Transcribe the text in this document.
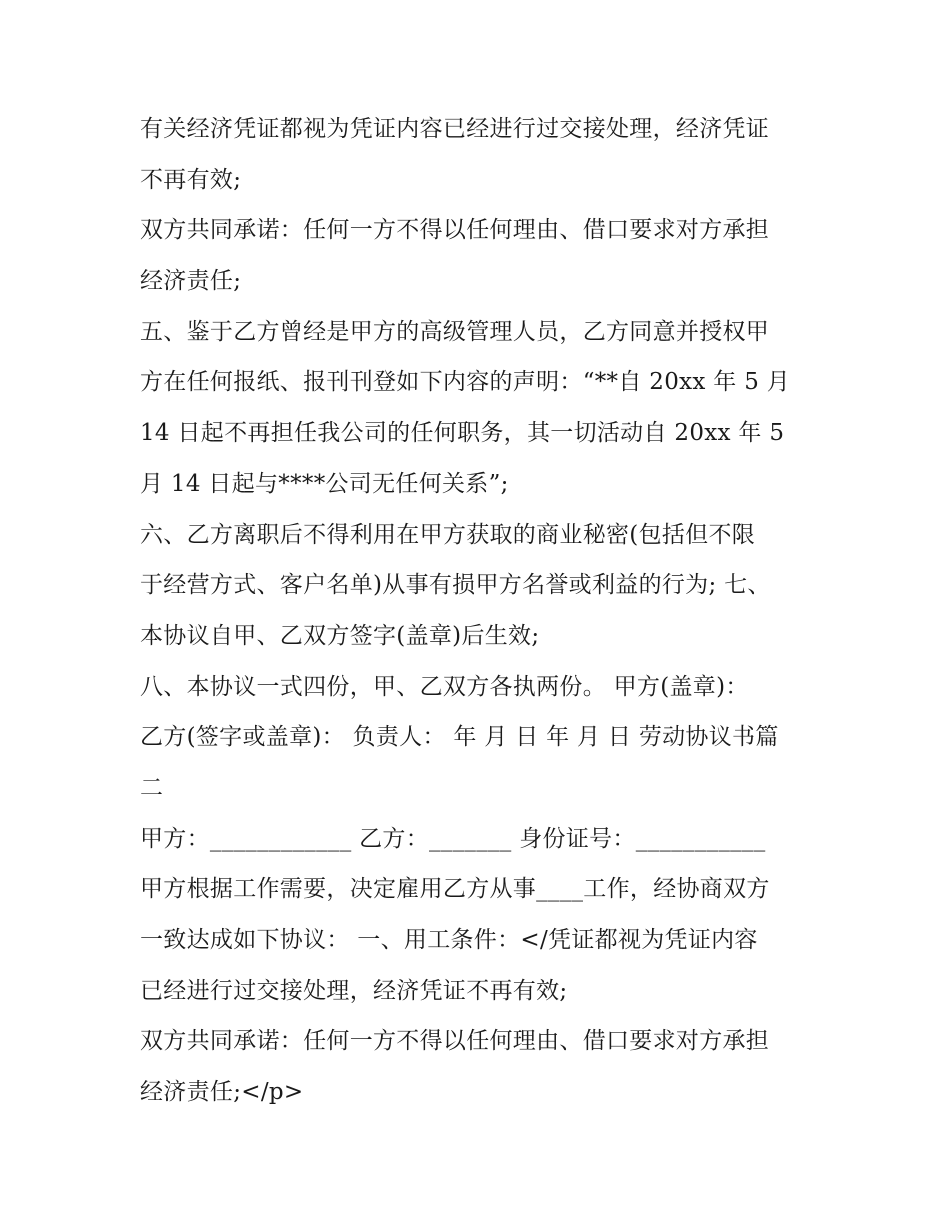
有关经济凭证都视为凭证内容已经进行过交接处理，经济凭证
不再有效;
双方共同承诺：任何一方不得以任何理由、借口要求对方承担
经济责任;
五、鉴于乙方曾经是甲方的高级管理人员，乙方同意并授权甲
方在任何报纸、报刊刊登如下内容的声明：“**自 20xx 年 5 月
14 日起不再担任我公司的任何职务，其一切活动自 20xx 年 5
月 14 日起与****公司无任何关系”;
六、乙方离职后不得利用在甲方获取的商业秘密(包括但不限
于经营方式、客户名单)从事有损甲方名誉或利益的行为; 七、
本协议自甲、乙双方签字(盖章)后生效;
八、本协议一式四份，甲、乙双方各执两份。 甲方(盖章)：
乙方(签字或盖章)： 负责人： 年 月 日 年 月 日 劳动协议书篇
二
甲方：____________ 乙方：_______ 身份证号：___________
甲方根据工作需要，决定雇用乙方从事____工作，经协商双方
一致达成如下协议： 一、用工条件：</凭证都视为凭证内容
已经进行过交接处理，经济凭证不再有效;
双方共同承诺：任何一方不得以任何理由、借口要求对方承担
经济责任;</p>
